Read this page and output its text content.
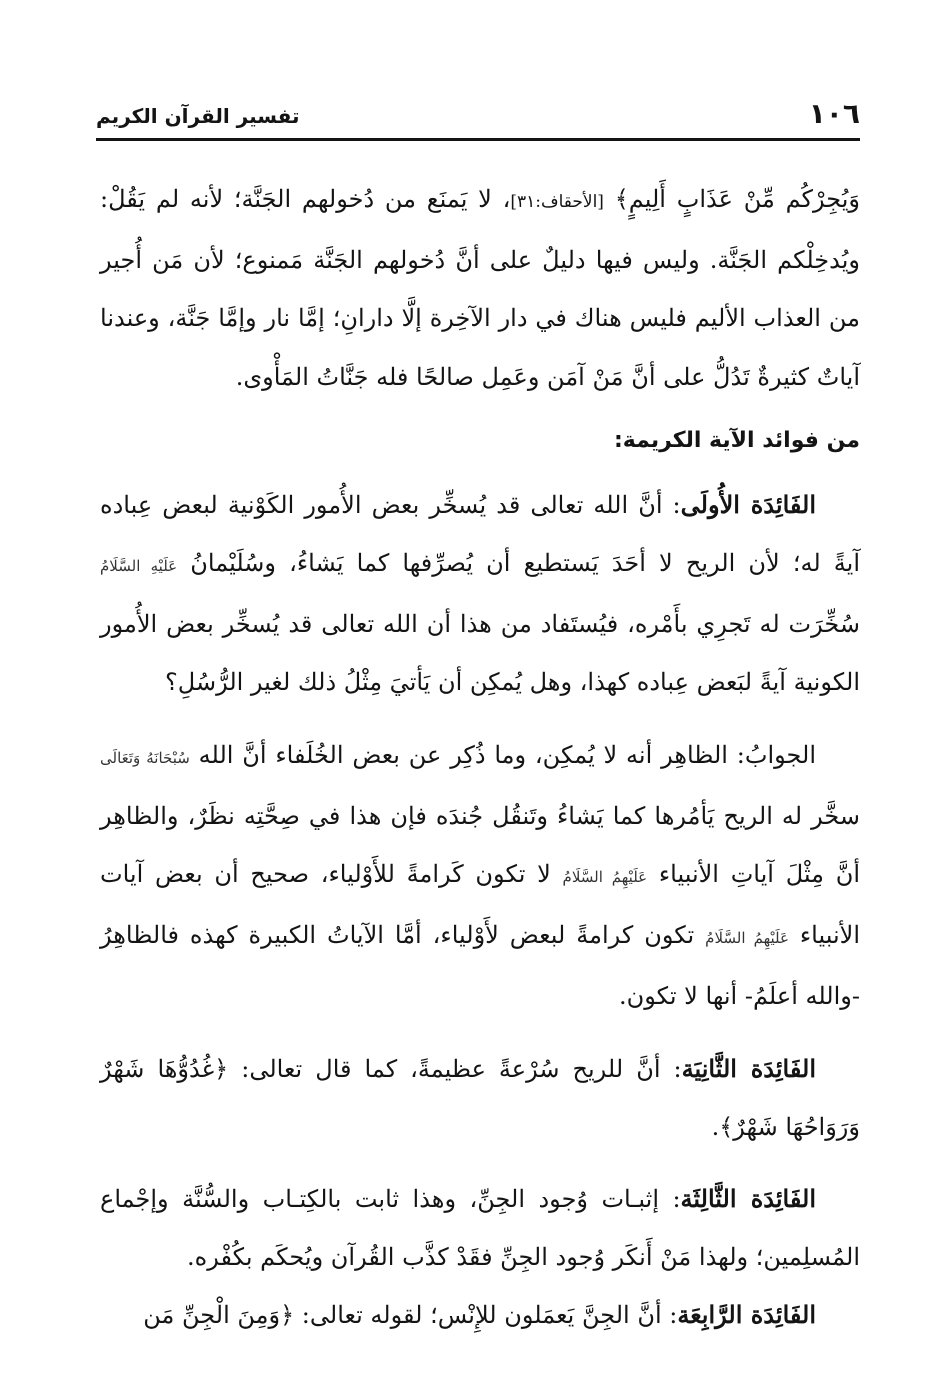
١٠٦
تفسير القرآن الكريم

وَيُجِرْكُم مِّنْ عَذَابٍ أَلِيمٍ﴾ [الأحقاف:٣١]، لا يَمنَع من دُخولهم الجَنَّة؛ لأنه لم يَقُلْ: ويُدخِلْكم الجَنَّة. وليس فيها دليلٌ على أنَّ دُخولهم الجَنَّة مَمنوع؛ لأن مَن أُجير من العذاب الأليم فليس هناك في دار الآخِرة إلَّا دارانِ؛ إمَّا نار وإمَّا جَنَّة، وعندنا آياتٌ كثيرةٌ تَدُلُّ على أنَّ مَنْ آمَن وعَمِل صالحًا فله جَنَّاتُ المَأْوى.

من فوائد الآية الكريمة:

الفَائِدَة الأُولَى: أنَّ الله تعالى قد يُسخِّر بعض الأُمور الكَوْنية لبعض عِباده آيةً له؛ لأن الريح لا أحَدَ يَستطيع أن يُصرِّفها كما يَشاءُ، وسُلَيْمانُ عَلَيْهِ السَّلَامُ سُخِّرَت له تَجرِي بأَمْره، فيُستَفاد من هذا أن الله تعالى قد يُسخِّر بعض الأُمور الكونية آيةً لبَعض عِباده كهذا، وهل يُمكِن أن يَأتيَ مِثْلُ ذلك لغير الرُّسُلِ؟

الجوابُ: الظاهِر أنه لا يُمكِن، وما ذُكِر عن بعض الخُلَفاء أنَّ الله سُبْحَانَهُ وَتَعَالَى سخَّر له الريح يَأمُرها كما يَشاءُ وتَنقُل جُندَه فإن هذا في صِحَّتِه نظَرٌ، والظاهِر أنَّ مِثْلَ آياتِ الأنبياء عَلَيْهِمُ السَّلَامُ لا تكون كَرامةً للأَوْلياء، صحيح أن بعض آيات الأنبياء عَلَيْهِمُ السَّلَامُ تكون كرامةً لبعض لأَوْلياء، أمَّا الآياتُ الكبيرة كهذه فالظاهِرُ -والله أعلَمُ- أنها لا تكون.

الفَائِدَة الثَّانِيَة: أنَّ للريح سُرْعةً عظيمةً، كما قال تعالى: ﴿غُدُوُّهَا شَهْرٌ وَرَوَاحُهَا شَهْرٌ﴾.

الفَائِدَة الثَّالِثَة: إثبـات وُجود الجِنِّ، وهذا ثابت بالكِتـاب والسُّنَّة وإجْماع المُسلِمين؛ ولهذا مَنْ أَنكَر وُجود الجِنِّ فقَدْ كذَّب القُرآن ويُحكَم بكُفْره.

الفَائِدَة الرَّابِعَة: أنَّ الجِنَّ يَعمَلون للإِنْس؛ لقوله تعالى: ﴿وَمِنَ الْجِنِّ مَن
